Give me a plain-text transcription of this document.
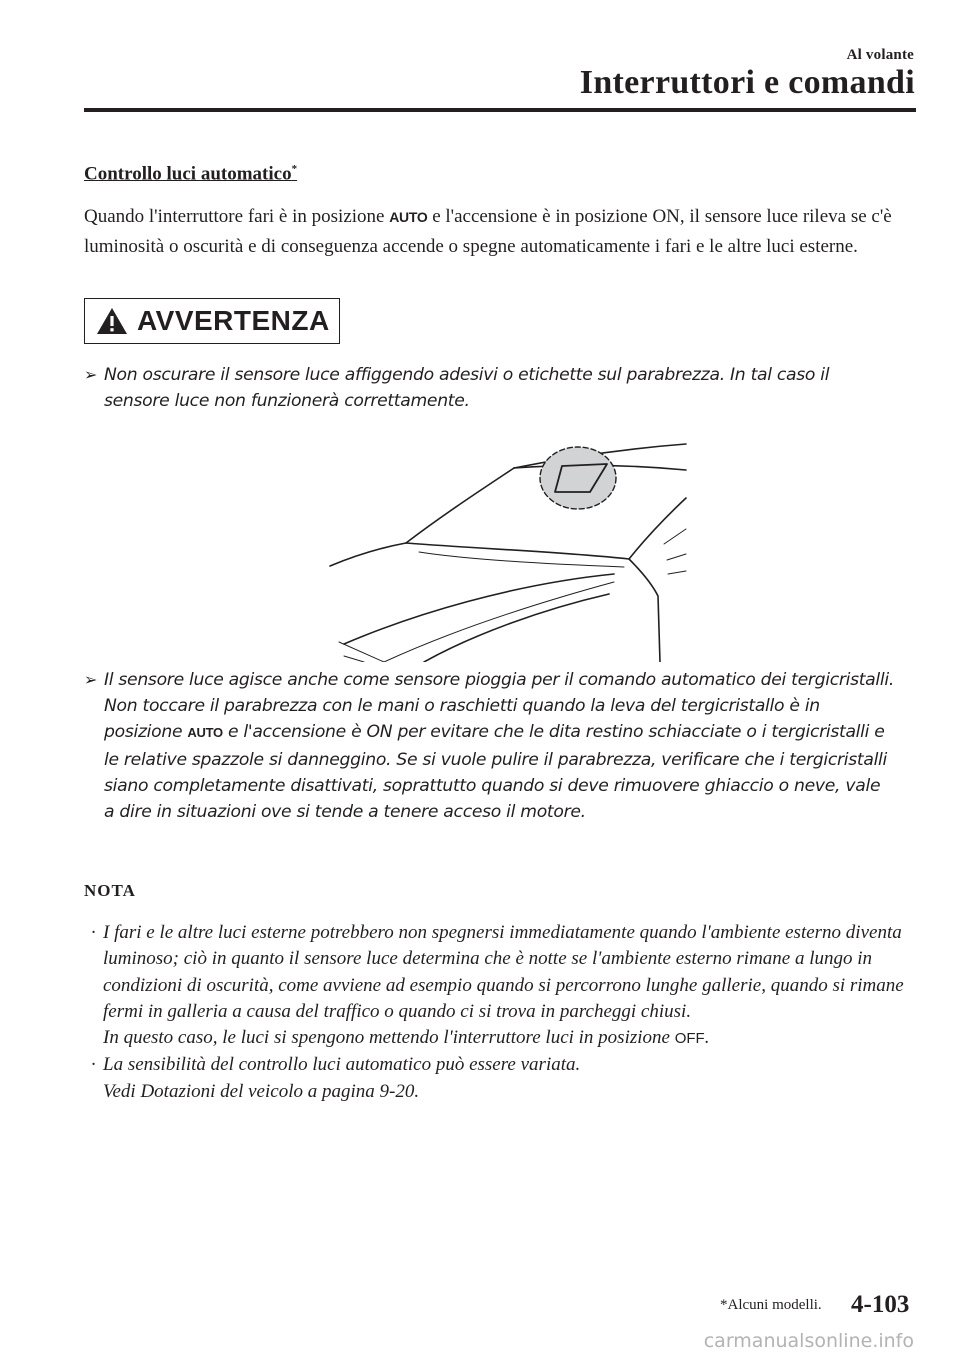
Al volante
Interruttori e comandi
Controllo luci automatico*
Quando l'interruttore fari è in posizione AUTO e l'accensione è in posizione ON, il sensore luce rileva se c'è luminosità o oscurità e di conseguenza accende o spegne automaticamente i fari e le altre luci esterne.
AVVERTENZA
➢ Non oscurare il sensore luce affiggendo adesivi o etichette sul parabrezza. In tal caso il sensore luce non funzionerà correttamente.
➢ Il sensore luce agisce anche come sensore pioggia per il comando automatico dei tergicristalli. Non toccare il parabrezza con le mani o raschietti quando la leva del tergicristallo è in posizione AUTO e l'accensione è ON per evitare che le dita restino schiacciate o i tergicristalli e le relative spazzole si danneggino. Se si vuole pulire il parabrezza, verificare che i tergicristalli siano completamente disattivati, soprattutto quando si deve rimuovere ghiaccio o neve, vale a dire in situazioni ove si tende a tenere acceso il motore.
NOTA
· I fari e le altre luci esterne potrebbero non spegnersi immediatamente quando l'ambiente esterno diventa luminoso; ciò in quanto il sensore luce determina che è notte se l'ambiente esterno rimane a lungo in condizioni di oscurità, come avviene ad esempio quando si percorrono lunghe gallerie, quando si rimane fermi in galleria a causa del traffico o quando ci si trova in parcheggi chiusi.
In questo caso, le luci si spengono mettendo l'interruttore luci in posizione OFF.
· La sensibilità del controllo luci automatico può essere variata.
Vedi Dotazioni del veicolo a pagina 9-20.
*Alcuni modelli. 4-103
carmanualsonline.info
